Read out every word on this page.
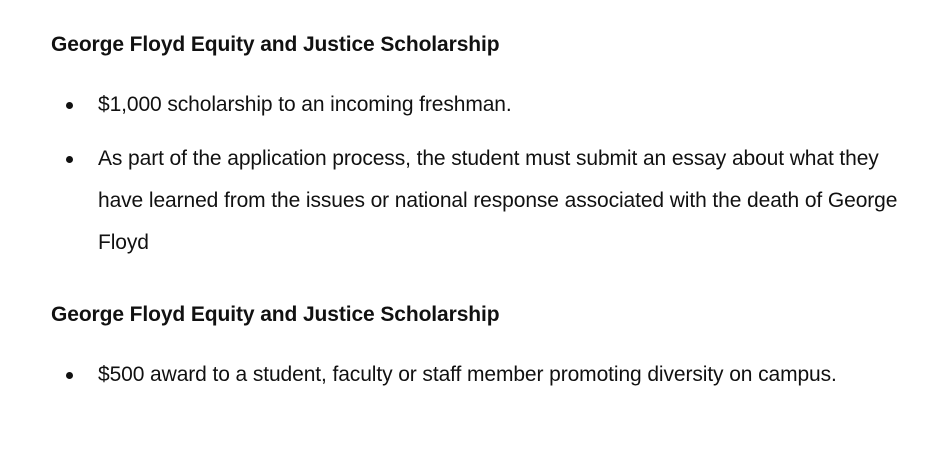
George Floyd Equity and Justice Scholarship
$1,000 scholarship to an incoming freshman.
As part of the application process, the student must submit an essay about what they have learned from the issues or national response associated with the death of George Floyd
George Floyd Equity and Justice Scholarship
$500 award to a student, faculty or staff member promoting diversity on campus.
